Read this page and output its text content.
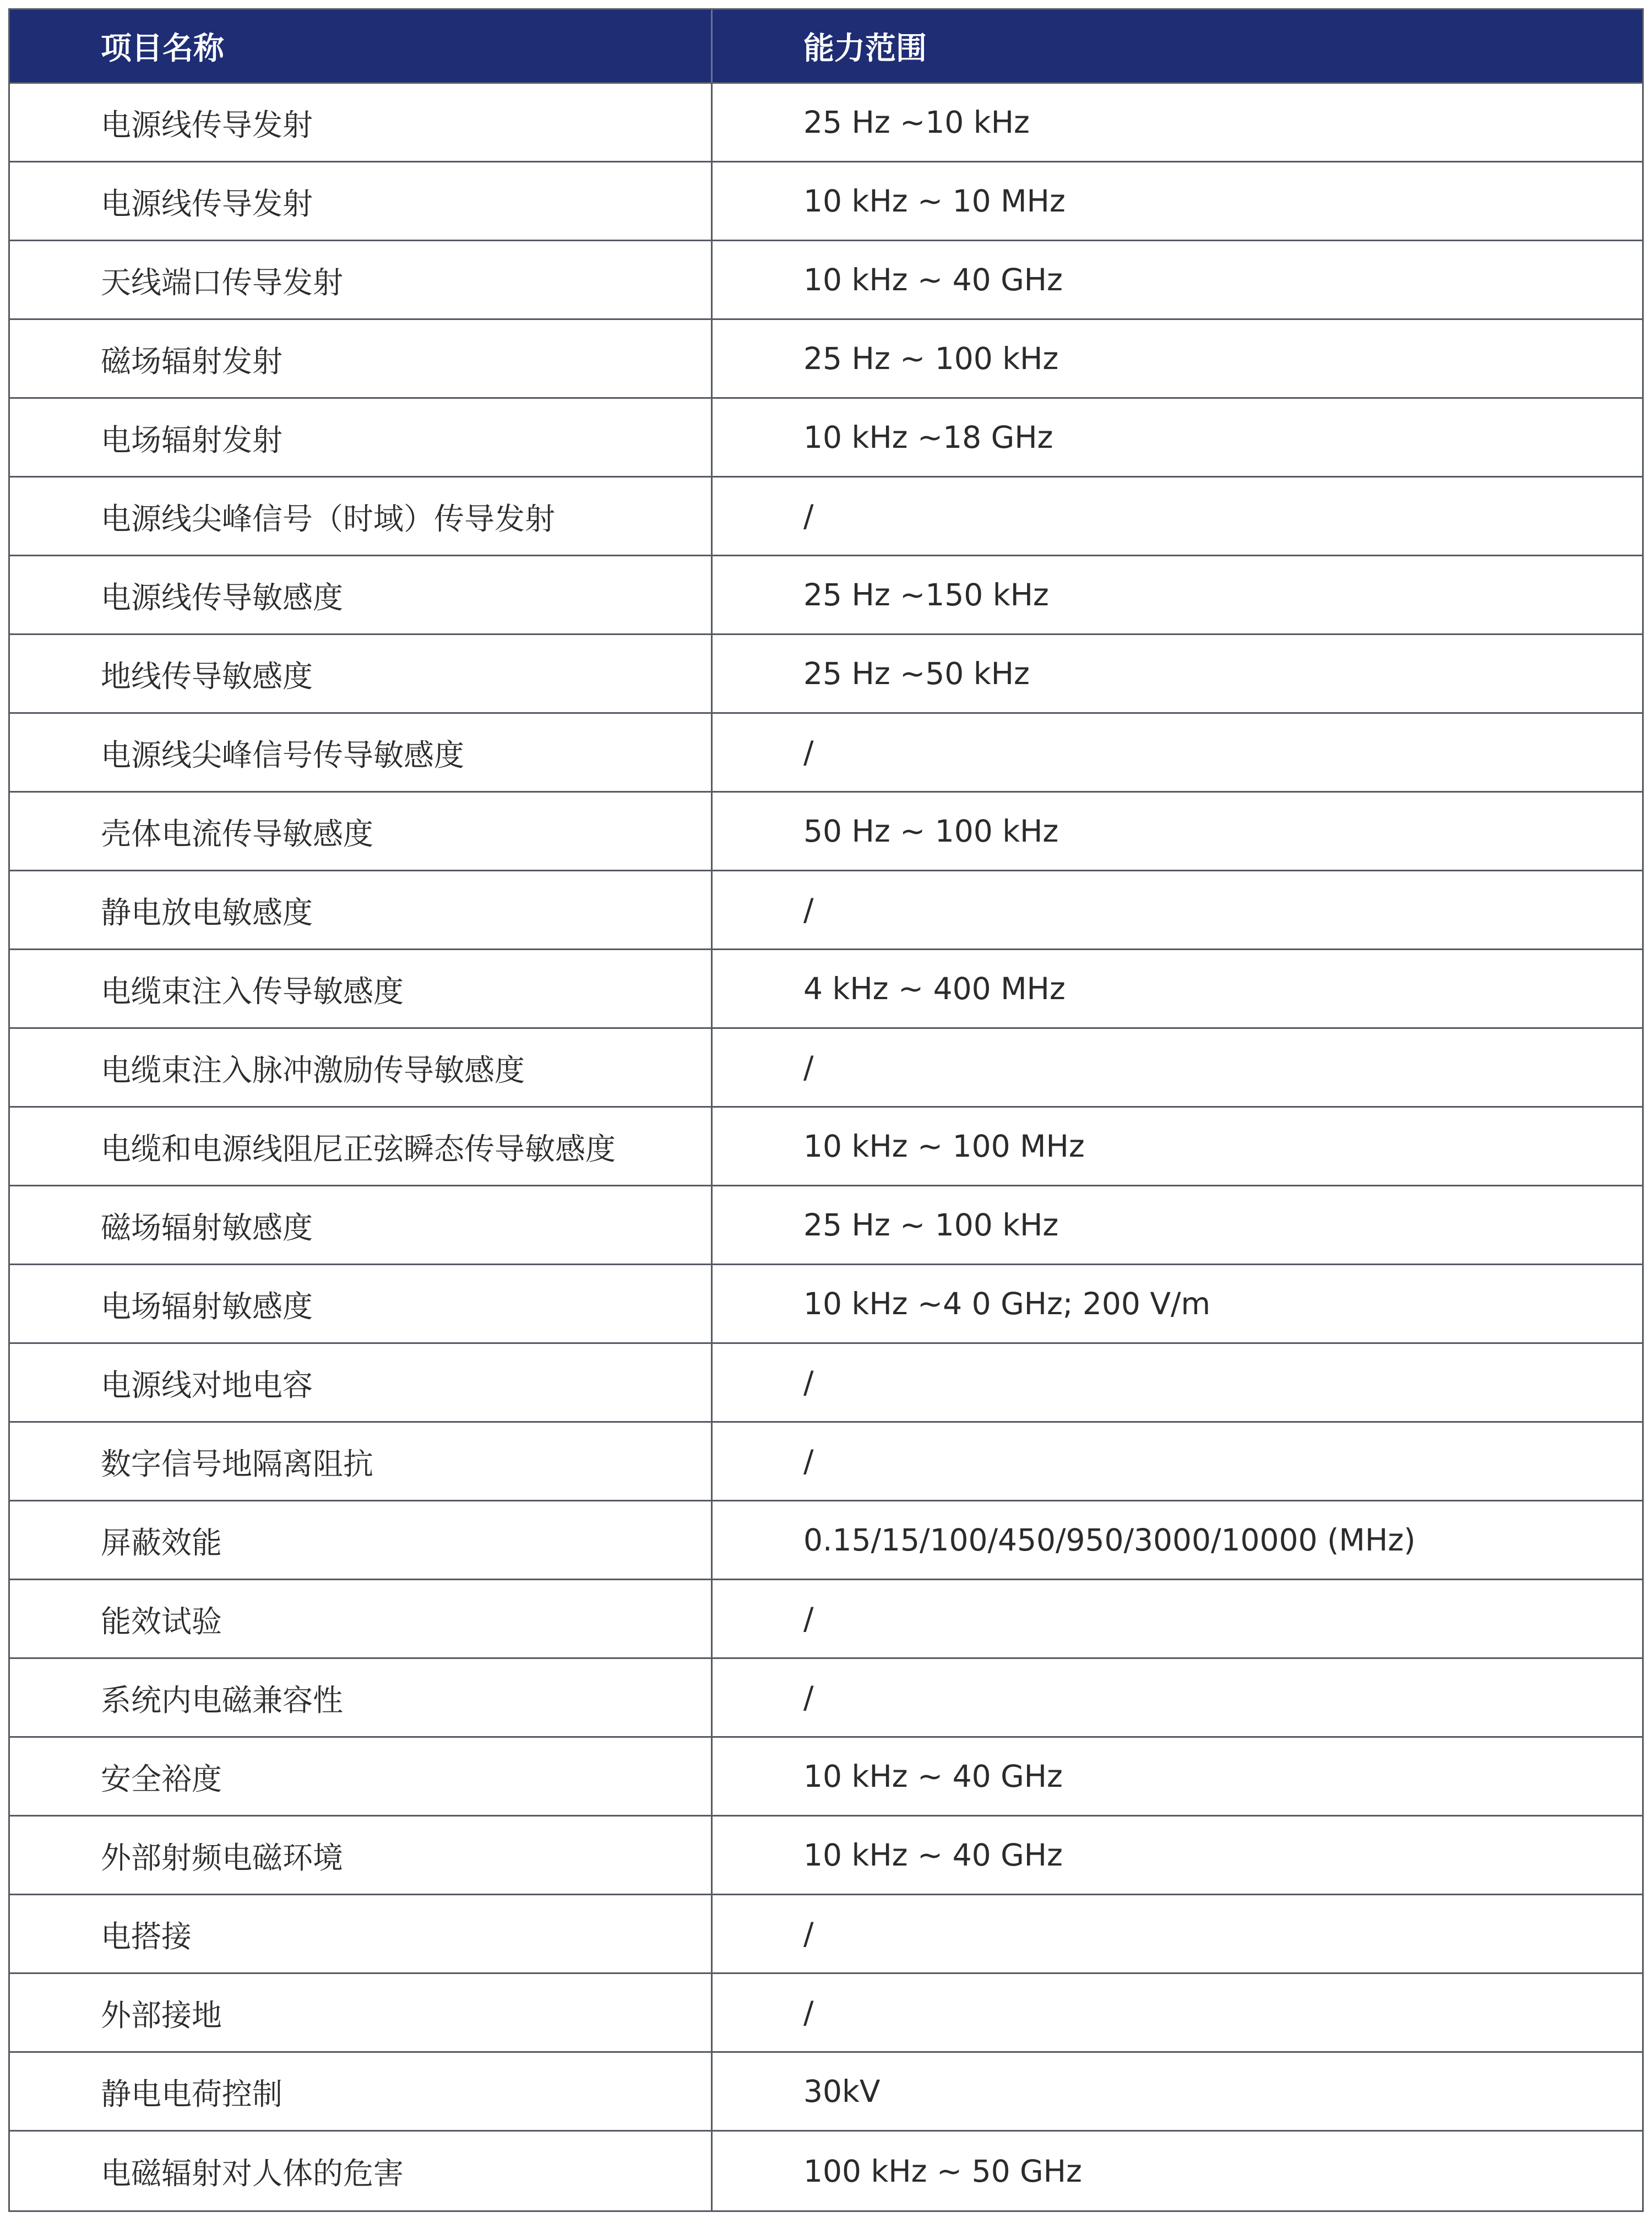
项目名称	能力范围
电源线传导发射	25 Hz ~10 kHz
电源线传导发射	10 kHz ~ 10 MHz
天线端口传导发射	10 kHz ~ 40 GHz
磁场辐射发射	25 Hz ~ 100 kHz
电场辐射发射	10 kHz ~18 GHz
电源线尖峰信号（时域）传导发射	/
电源线传导敏感度	25 Hz ~150 kHz
地线传导敏感度	25 Hz ~50 kHz
电源线尖峰信号传导敏感度	/
壳体电流传导敏感度	50 Hz ~ 100 kHz
静电放电敏感度	/
电缆束注入传导敏感度	4 kHz ~ 400 MHz
电缆束注入脉冲激励传导敏感度	/
电缆和电源线阻尼正弦瞬态传导敏感度	10 kHz ~ 100 MHz
磁场辐射敏感度	25 Hz ~ 100 kHz
电场辐射敏感度	10 kHz ~4 0 GHz; 200 V/m
电源线对地电容	/
数字信号地隔离阻抗	/
屏蔽效能	0.15/15/100/450/950/3000/10000 (MHz)
能效试验	/
系统内电磁兼容性	/
安全裕度	10 kHz ~ 40 GHz
外部射频电磁环境	10 kHz ~ 40 GHz
电搭接	/
外部接地	/
静电电荷控制	30kV
电磁辐射对人体的危害	100 kHz ~ 50 GHz
